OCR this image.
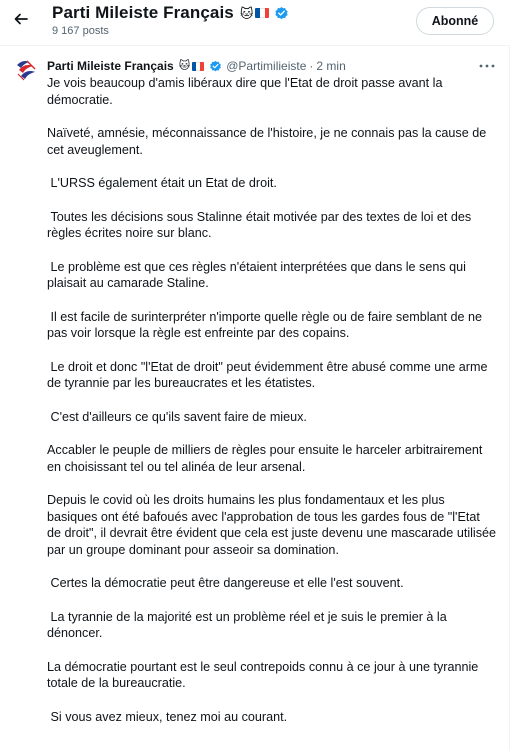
Parti Mileiste Français 🐱
9 167 posts
Abonné
Parti Mileiste Français 🐱	@Partimilieiste · 2 min

Je vois beaucoup d'amis libéraux dire que l'Etat de droit passe avant la démocratie.

Naïveté, amnésie, méconnaissance de l'histoire, je ne connais pas la cause de cet aveuglement.

L'URSS également était un Etat de droit.

Toutes les décisions sous Stalinne était motivée par des textes de loi et des règles écrites noire sur blanc.

Le problème est que ces règles n'étaient interprétées que dans le sens qui plaisait au camarade Staline.

Il est facile de surinterpréter n'importe quelle règle ou de faire semblant de ne pas voir lorsque la règle est enfreinte par des copains.

Le droit et donc "l'Etat de droit" peut évidemment être abusé comme une arme de tyrannie par les bureaucrates et les étatistes.

C'est d'ailleurs ce qu'ils savent faire de mieux.

Accabler le peuple de milliers de règles pour ensuite le harceler arbitrairement en choisissant tel ou tel alinéa de leur arsenal.

Depuis le covid où les droits humains les plus fondamentaux et les plus basiques ont été bafoués avec l'approbation de tous les gardes fous de "l'Etat de droit", il devrait être évident que cela est juste devenu une mascarade utilisée par un groupe dominant pour asseoir sa domination.

Certes la démocratie peut être dangereuse et elle l'est souvent.

La tyrannie de la majorité est un problème réel et je suis le premier à la dénoncer.

La démocratie pourtant est le seul contrepoids connu à ce jour à une tyrannie totale de la bureaucratie.

Si vous avez mieux, tenez moi au courant.
